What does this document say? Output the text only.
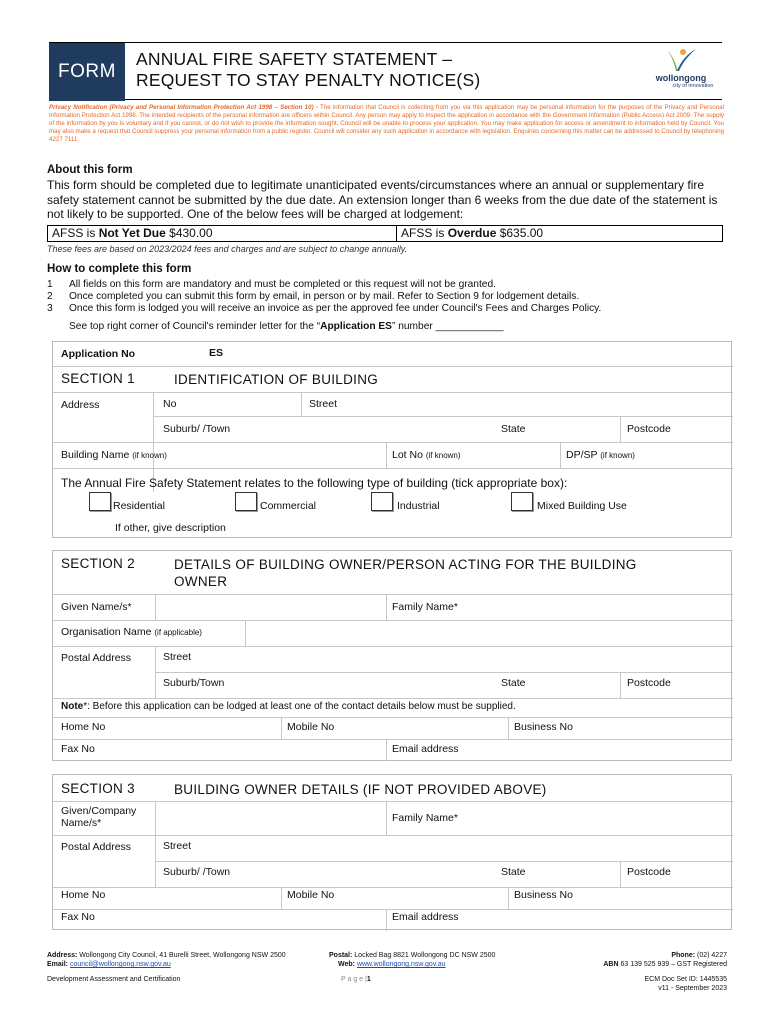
FORM
ANNUAL FIRE SAFETY STATEMENT –
REQUEST TO STAY PENALTY NOTICE(S)	wollongong
city of innovation
Privacy Notification (Privacy and Personal Information Protection Act 1998 – Section 10) - The information that Council is collecting from you via this application may be personal information for the purposes of the Privacy and Personal Information Protection Act 1998. The intended recipients of the personal information are officers within Council. Any person may apply to inspect the application in accordance with the Government Information (Public Access) Act 2009. The supply of the information by you is voluntary and if you cannot, or do not wish to provide the information sought, Council will be unable to process your application. You may make application for access or amendment to information held by Council. You may also make a request that Council suppress your personal information from a public register. Council will consider any such application in accordance with legislation. Enquiries concerning this matter can be addressed to Council by telephoning 4227 7111.
About this form
This form should be completed due to legitimate unanticipated events/circumstances where an annual or supplementary fire safety statement cannot be submitted by the due date. An extension longer than 6 weeks from the due date of the statement is not likely to be supported. One of the below fees will be charged at lodgement:
AFSS is Not Yet Due $430.00	AFSS is Overdue $635.00
These fees are based on 2023/2024 fees and charges and are subject to change annually.
How to complete this form
1	All fields on this form are mandatory and must be completed or this request will not be granted.
2	Once completed you can submit this form by email, in person or by mail. Refer to Section 9 for lodgement details.
3	Once this form is lodged you will receive an invoice as per the approved fee under Council's Fees and Charges Policy.
See top right corner of Council's reminder letter for the “Application ES” number ____________
Application No	ES
SECTION 1	IDENTIFICATION OF BUILDING
Address	No	Street
Suburb/ /Town	State	Postcode
Building Name (if known)	Lot No (if known)	DP/SP (if known)
The Annual Fire Safety Statement relates to the following type of building (tick appropriate box):
Residential	Commercial	Industrial	Mixed Building Use
If other, give description
SECTION 2	DETAILS OF BUILDING OWNER/PERSON ACTING FOR THE BUILDING
OWNER
Given Name/s*	Family Name*
Organisation Name (if applicable)
Postal Address	Street
Suburb/Town	State	Postcode
Note*: Before this application can be lodged at least one of the contact details below must be supplied.
Home No	Mobile No	Business No
Fax No	Email address
SECTION 3	BUILDING OWNER DETAILS (IF NOT PROVIDED ABOVE)
Given/Company
Name/s*	Family Name*
Postal Address	Street
Suburb/ /Town	State	Postcode
Home No	Mobile No	Business No
Fax No	Email address
Address: Wollongong City Council, 41 Burelli Street, Wollongong NSW 2500
Email: council@wollongong.nsw.gov.au
Postal: Locked Bag 8821 Wollongong DC NSW 2500
Web: www.wollongong.nsw.gov.au
Phone: (02) 4227
ABN 63 139 525 939 – GST Registered
Development Assessment and Certification	P a g e |1	ECM Doc Set ID: 1445535
v11 - September 2023
